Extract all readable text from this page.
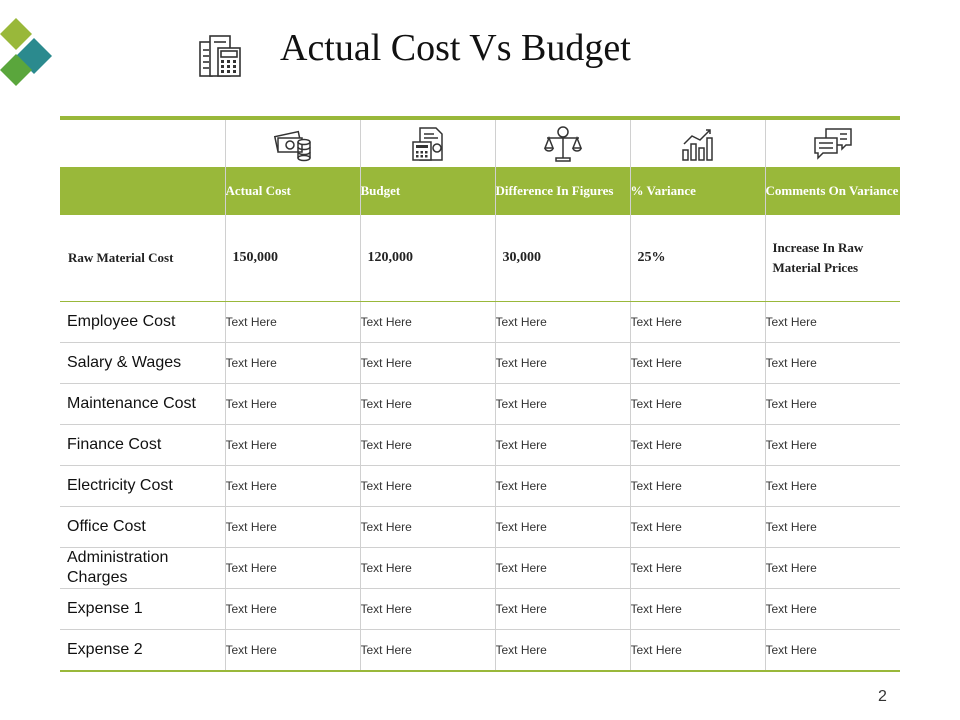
Actual Cost Vs Budget

	Actual Cost	Budget	Difference In Figures	% Variance	Comments On Variance
Raw Material Cost	150,000	120,000	30,000	25%	Increase In Raw Material Prices
Employee Cost	Text Here	Text Here	Text Here	Text Here	Text Here
Salary & Wages	Text Here	Text Here	Text Here	Text Here	Text Here
Maintenance Cost	Text Here	Text Here	Text Here	Text Here	Text Here
Finance Cost	Text Here	Text Here	Text Here	Text Here	Text Here
Electricity Cost	Text Here	Text Here	Text Here	Text Here	Text Here
Office Cost	Text Here	Text Here	Text Here	Text Here	Text Here
Administration Charges	Text Here	Text Here	Text Here	Text Here	Text Here
Expense 1	Text Here	Text Here	Text Here	Text Here	Text Here
Expense 2	Text Here	Text Here	Text Here	Text Here	Text Here
2
